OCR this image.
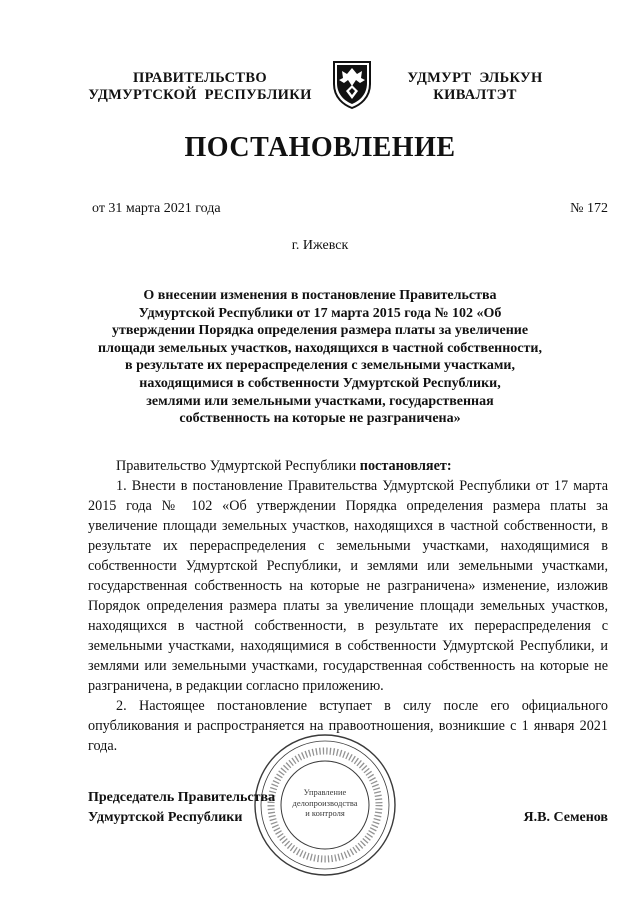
ПРАВИТЕЛЬСТВО
УДМУРТСКОЙ РЕСПУБЛИКИ
УДМУРТ ЭЛЬКУН
КИВАЛТЭТ
ПОСТАНОВЛЕНИЕ
от 31 марта 2021 года	№ 172
г. Ижевск
О внесении изменения в постановление Правительства
Удмуртской Республики от 17 марта 2015 года № 102 «Об
утверждении Порядка определения размера платы за увеличение
площади земельных участков, находящихся в частной собственности,
в результате их перераспределения с земельными участками,
находящимися в собственности Удмуртской Республики,
землями или земельными участками, государственная
собственность на которые не разграничена»

Правительство Удмуртской Республики постановляет:

1. Внести в постановление Правительства Удмуртской Республики от 17 марта 2015 года № 102 «Об утверждении Порядка определения размера платы за увеличение площади земельных участков, находящихся в частной собственности, в результате их перераспределения с земельными участками, находящимися в собственности Удмуртской Республики, и землями или земельными участками, государственная собственность на которые не разграничена» изменение, изложив Порядок определения размера платы за увеличение площади земельных участков, находящихся в частной собственности, в результате их перераспределения с земельными участками, находящимися в собственности Удмуртской Республики, и землями или земельными участками, государственная собственность на которые не разграничена, в редакции согласно приложению.

2. Настоящее постановление вступает в силу после его официального опубликования и распространяется на правоотношения, возникшие с 1 января 2021 года.

Управление
делопроизводства
и контроля
Председатель Правительства
Удмуртской Республики	Я.В. Семенов
